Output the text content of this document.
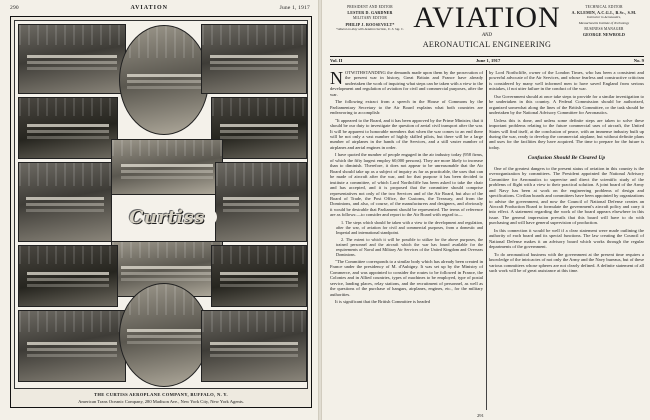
290	AVIATION	June 1, 1917
Curtiss
THE CURTISS AEROPLANE COMPANY, BUFFALO, N. Y.
American Trans Oceanic Company, 280 Madison Ave., New York City, New York Agents.
PRESIDENT AND EDITOR
LESTER D. GARDNER
MILITARY EDITOR
PHILIP J. ROOSEVELT*
*Absent on duty with Aviation Section, U. S. Sig. C. AVIATION
AND
AERONAUTICAL ENGINEERING
TECHNICAL EDITOR
A. KLEMIN, A.C.G.I., B.Sc., S.M.
Instructor in Aeronautics,
Massachusetts Institute of Technology
BUSINESS MANAGER
GEORGE NEWBOLD
Vol. II	June 1, 1917	No. 9

NOTWITHSTANDING the demands made upon them by the prosecution of the present war in history, Great Britain and France have already undertaken the work of inquiring what steps can be taken with a view to the development and regulation of aviation for civil and commercial purposes, after the war.

The following extract from a speech in the House of Commons by the Parliamentary Secretary to the Air Board explains what both countries are endeavoring to accomplish:

"It appeared to the Board, and it has been approved by the Prime Minister, that it should be our duty to investigate the question of aerial civil transport after the war. It will be apparent to honorable members that when the war comes to an end there will be not only a vast number of highly skilled pilots, but there will be a large number of airplanes in the hands of the Services, and a still vaster number of airplanes and aerial engines in order.

I have quoted the number of people engaged in the air industry today (958 firms, of which the fifty largest employ 60,000 persons). They are more likely to increase than to diminish. Therefore, it does not appear to be unreasonable that the Air Board should take up as a subject of inquiry as far as practicable, the uses that can be made of aircraft after the war, and for that purpose it has been decided to institute a committee, of which Lord Northcliffe has been asked to take the chair and has accepted, and it is proposed that the committee should comprise representatives not only of the two Services and of the Air Board, but also of the Board of Trade, the Post Office, the Customs, the Treasury, and from the Dominions, and also, of course, of the manufacturers and designers, and obviously it would be desirable that Parliament should be represented. The terms of reference are as follows:—to consider and report to the Air Board with regard to—

1. The steps which should be taken with a view to the development and regulation, after the war, of aviation for civil and commercial purposes, from a domestic and Imperial and international standpoint.

2. The extent to which it will be possible to utilize for the above purposes, the trained personnel and the aircraft which the war has found available for the requirements of Naval and Military Air Services of the United Kingdom and Overseas Dominions.

"The Committee corresponds to a similar body which has already been created in France under the presidency of M. d'Aubigny. It was set up by the Ministry of Commerce, and was appointed to consider the routes to be followed in France, the Colonies and in Allied countries, types of machines to be employed, type of postal service, landing places, relay stations, and the recruitment of personnel, as well as the questions of the purchase of hangars, airplanes, engines, etc., for the military authorities.

It is significant that the British Committee is headed

by Lord Northcliffe, owner of the London Times, who has been a consistent and powerful advocate of the Air Services, and whose fearless and constructive criticism is considered by many well informed men to have saved England from serious mistakes, if not utter failure in the conduct of the war.

Our Government should at once take steps to provide for a similar investigation to be undertaken in this country. A Federal Commission should be authorized, organized somewhat along the lines of the British Committee, or the task should be undertaken by the National Advisory Committee for Aeronautics.

Unless this is done, and unless some definite steps are taken to solve these important problems relating to the future commercial uses of aircraft, the United States will find itself, at the conclusion of peace, with an immense industry built up during the war, ready to develop the commercial airplane, but without definite plans and uses for the facilities they have acquired. The time to prepare for the future is today.

Confusion Should Be Cleared Up

One of the greatest dangers to the present status of aviation in this country is the overorganization by committees. The President appointed the National Advisory Committee for Aeronautics to supervise and direct the scientific study of the problems of flight with a view to their practical solution. A joint board of the Army and Navy has been at work on the engineering problems of design and specifications. Civilian boards and committees have been appointed by organizations to advise the government, and now the Council of National Defense creates an Aircraft Production Board to formulate the government's aircraft policy and carry it into effect. A statement regarding the work of the board appears elsewhere in this issue. The general impression prevails that this board will have to do with purchasing and will have general supervision of production.

In this connection it would be well if a clear statement were made outlining the authority of each board and its special functions. The law creating the Council of National Defense makes it an advisory board which works through the regular departments of the government.

To do aeronautical business with the government at the present time requires a knowledge of the intricacies of not only the Army and the Navy bureaus, but of these various committees whose spheres are not clearly defined. A definite statement of all such work will be of great assistance at this time.

291
